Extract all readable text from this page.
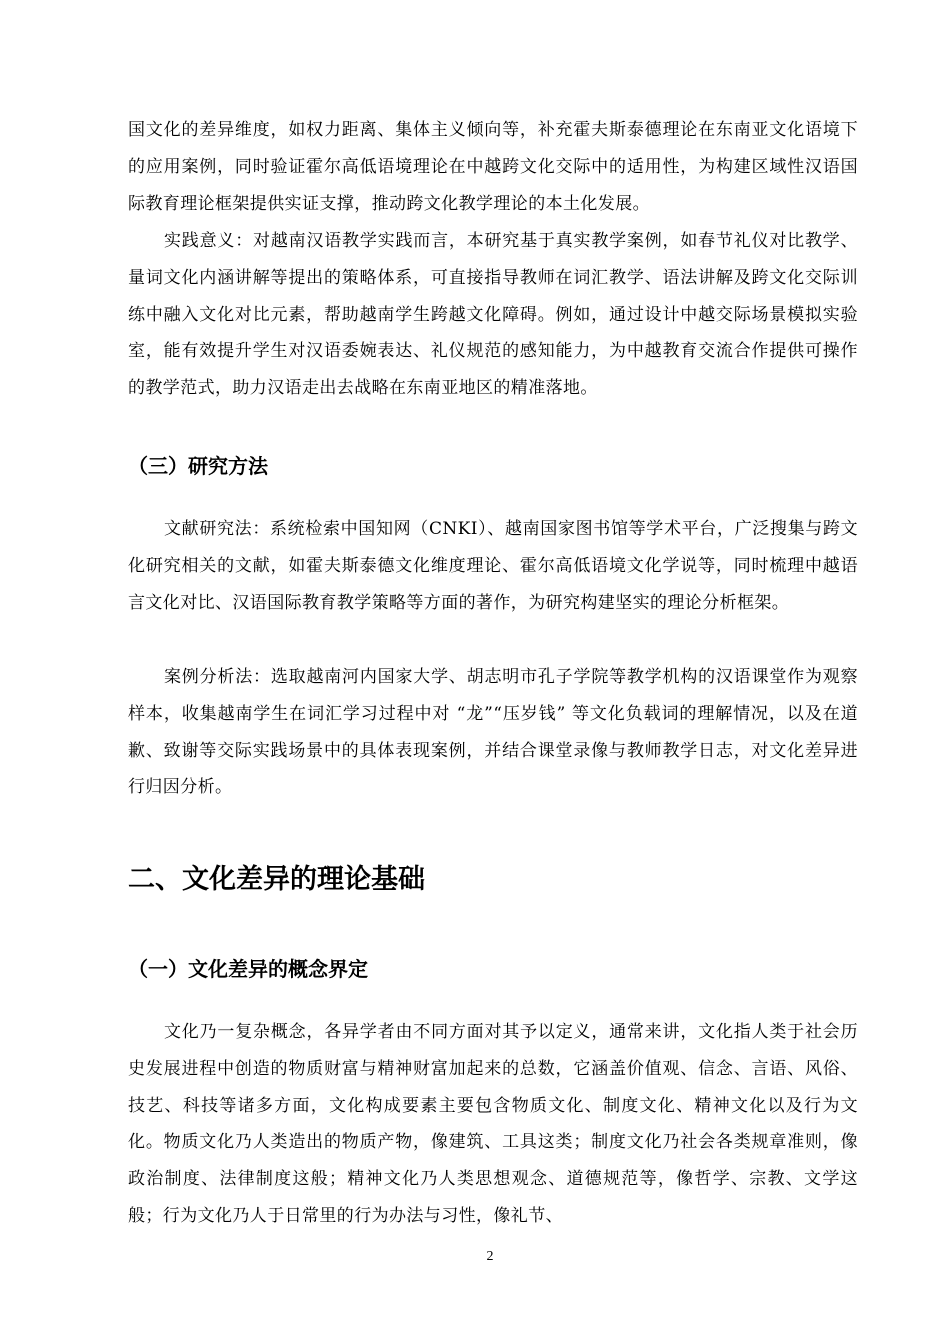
国文化的差异维度，如权力距离、集体主义倾向等，补充霍夫斯泰德理论在东南亚文化语境下的应用案例，同时验证霍尔高低语境理论在中越跨文化交际中的适用性，为构建区域性汉语国际教育理论框架提供实证支撑，推动跨文化教学理论的本土化发展。

实践意义：对越南汉语教学实践而言，本研究基于真实教学案例，如春节礼仪对比教学、量词文化内涵讲解等提出的策略体系，可直接指导教师在词汇教学、语法讲解及跨文化交际训练中融入文化对比元素，帮助越南学生跨越文化障碍。例如，通过设计中越交际场景模拟实验室，能有效提升学生对汉语委婉表达、礼仪规范的感知能力，为中越教育交流合作提供可操作的教学范式，助力汉语走出去战略在东南亚地区的精准落地。

（三）研究方法

文献研究法：系统检索中国知网（CNKI）、越南国家图书馆等学术平台，广泛搜集与跨文化研究相关的文献，如霍夫斯泰德文化维度理论、霍尔高低语境文化学说等，同时梳理中越语言文化对比、汉语国际教育教学策略等方面的著作，为研究构建坚实的理论分析框架。

案例分析法：选取越南河内国家大学、胡志明市孔子学院等教学机构的汉语课堂作为观察样本，收集越南学生在词汇学习过程中对 “龙”“压岁钱” 等文化负载词的理解情况，以及在道歉、致谢等交际实践场景中的具体表现案例，并结合课堂录像与教师教学日志，对文化差异进行归因分析。

二、文化差异的理论基础
（一）文化差异的概念界定

文化乃一复杂概念，各异学者由不同方面对其予以定义，通常来讲，文化指人类于社会历史发展进程中创造的物质财富与精神财富加起来的总数，它涵盖价值观、信念、言语、风俗、技艺、科技等诸多方面，文化构成要素主要包含物质文化、制度文化、精神文化以及行为文化。物质文化乃人类造出的物质产物，像建筑、工具这类；制度文化乃社会各类规章准则，像政治制度、法律制度这般；精神文化乃人类思想观念、道德规范等，像哲学、宗教、文学这般；行为文化乃人于日常里的行为办法与习性，像礼节、

2
